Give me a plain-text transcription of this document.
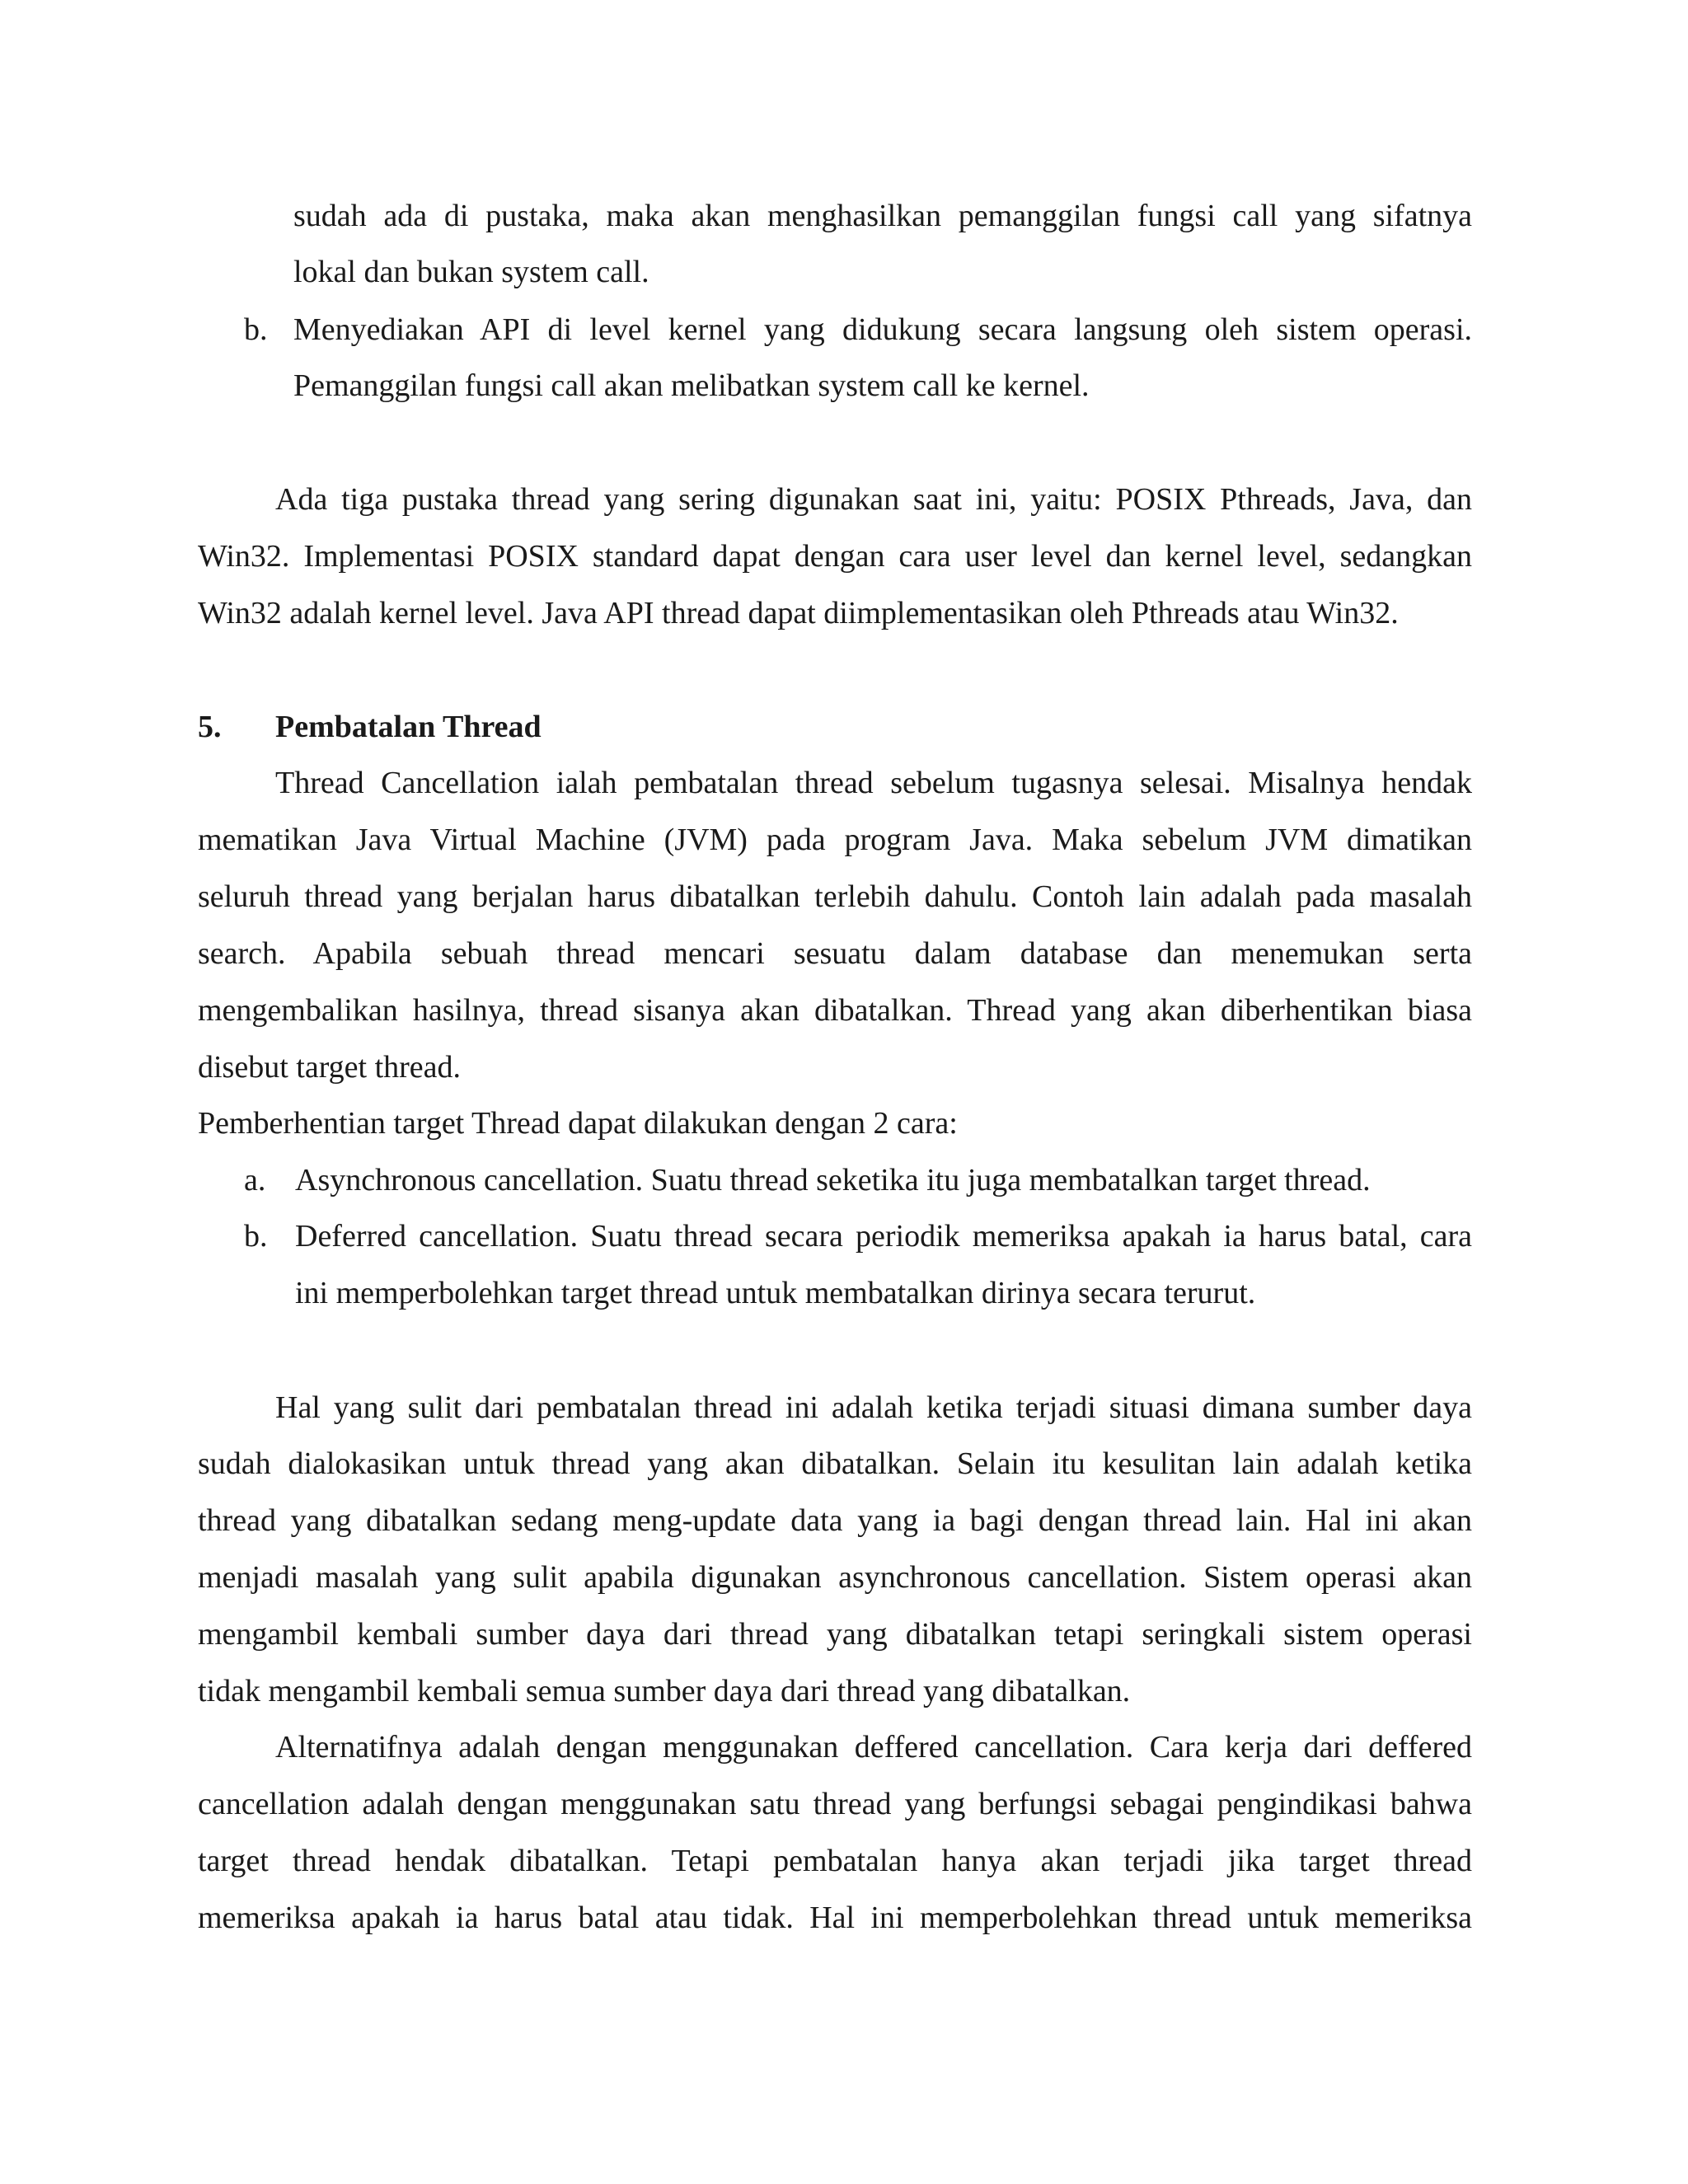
sudah ada di pustaka, maka akan menghasilkan pemanggilan fungsi call yang sifatnya
lokal dan bukan system call.
b. Menyediakan API di level kernel yang didukung secara langsung oleh sistem operasi.
Pemanggilan fungsi call akan melibatkan system call ke kernel.
Ada tiga pustaka thread yang sering digunakan saat ini, yaitu: POSIX Pthreads, Java, dan
Win32. Implementasi POSIX standard dapat dengan cara user level dan kernel level, sedangkan
Win32 adalah kernel level. Java API thread dapat diimplementasikan oleh Pthreads atau Win32.
5. Pembatalan Thread
Thread Cancellation ialah pembatalan thread sebelum tugasnya selesai. Misalnya hendak
mematikan Java Virtual Machine (JVM) pada program Java. Maka sebelum JVM dimatikan
seluruh thread yang berjalan harus dibatalkan terlebih dahulu. Contoh lain adalah pada masalah
search. Apabila sebuah thread mencari sesuatu dalam database dan menemukan serta
mengembalikan hasilnya, thread sisanya akan dibatalkan. Thread yang akan diberhentikan biasa
disebut target thread.
Pemberhentian target Thread dapat dilakukan dengan 2 cara:
a. Asynchronous cancellation. Suatu thread seketika itu juga membatalkan target thread.
b. Deferred cancellation. Suatu thread secara periodik memeriksa apakah ia harus batal, cara
ini memperbolehkan target thread untuk membatalkan dirinya secara terurut.
Hal yang sulit dari pembatalan thread ini adalah ketika terjadi situasi dimana sumber daya
sudah dialokasikan untuk thread yang akan dibatalkan. Selain itu kesulitan lain adalah ketika
thread yang dibatalkan sedang meng-update data yang ia bagi dengan thread lain. Hal ini akan
menjadi masalah yang sulit apabila digunakan asynchronous cancellation. Sistem operasi akan
mengambil kembali sumber daya dari thread yang dibatalkan tetapi seringkali sistem operasi
tidak mengambil kembali semua sumber daya dari thread yang dibatalkan.
Alternatifnya adalah dengan menggunakan deffered cancellation. Cara kerja dari deffered
cancellation adalah dengan menggunakan satu thread yang berfungsi sebagai pengindikasi bahwa
target thread hendak dibatalkan. Tetapi pembatalan hanya akan terjadi jika target thread
memeriksa apakah ia harus batal atau tidak. Hal ini memperbolehkan thread untuk memeriksa
